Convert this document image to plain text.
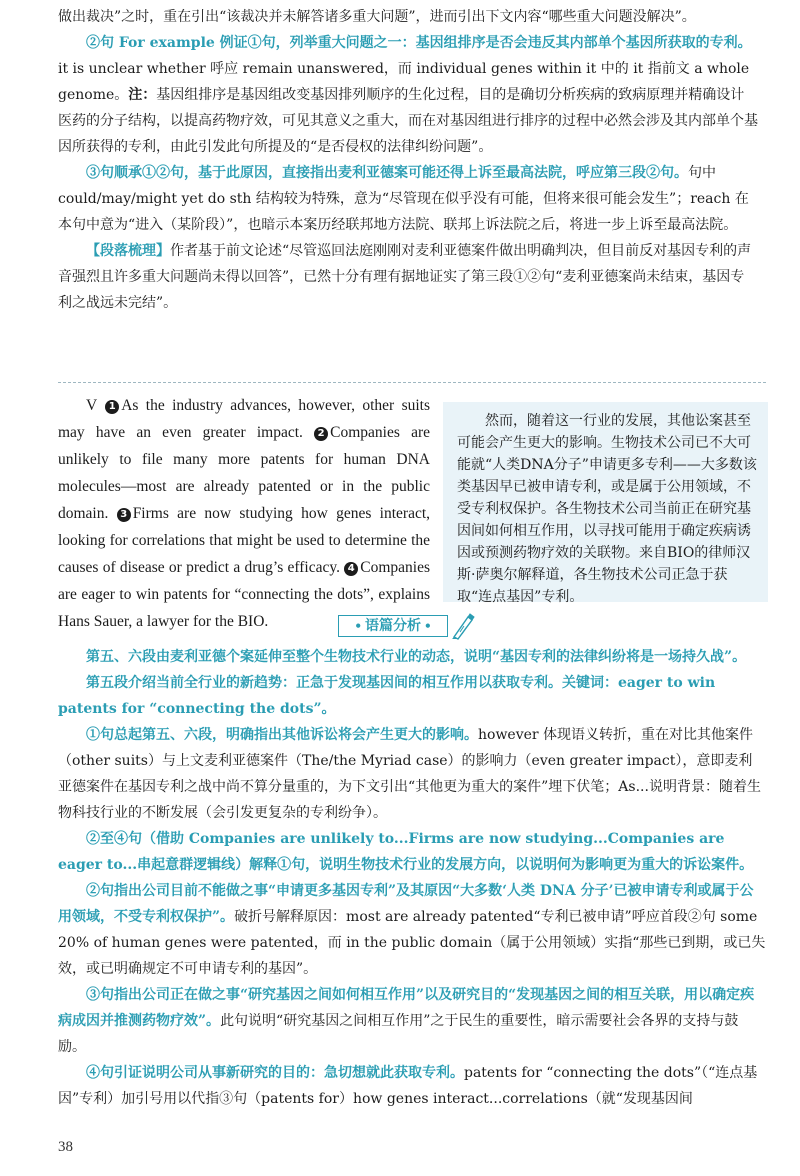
做出裁决”之时，重在引出“该裁决并未解答诸多重大问题”，进而引出下文内容“哪些重大问题没解决”。

②句 For example 例证①句，列举重大问题之一：基因组排序是否会违反其内部单个基因所获取的专利。it is unclear whether 呼应 remain unanswered，而 individual genes within it 中的 it 指前文 a whole genome。注：基因组排序是基因组改变基因排列顺序的生化过程，目的是确切分析疾病的致病原理并精确设计医药的分子结构，以提高药物疗效，可见其意义之重大，而在对基因组进行排序的过程中必然会涉及其内部单个基因所获得的专利，由此引发此句所提及的“是否侵权的法律纠纷问题”。

③句顺承①②句，基于此原因，直接指出麦利亚德案可能还得上诉至最高法院，呼应第三段②句。句中 could/may/might yet do sth 结构较为特殊，意为“尽管现在似乎没有可能，但将来很可能会发生”；reach 在本句中意为“进入（某阶段）”，也暗示本案历经联邦地方法院、联邦上诉法院之后，将进一步上诉至最高法院。

【段落梳理】作者基于前文论述“尽管巡回法庭刚刚对麦利亚德案件做出明确判决，但目前反对基因专利的声音强烈且许多重大问题尚未得以回答”，已然十分有理有据地证实了第三段①②句“麦利亚德案尚未结束，基因专利之战远未完结”。

V 1 As the industry advances, however, other suits may have an even greater impact. 2 Companies are unlikely to file many more patents for human DNA molecules—most are already patented or in the public domain. 3 Firms are now studying how genes interact, looking for correlations that might be used to determine the causes of disease or predict a drug’s efficacy. 4 Companies are eager to win patents for “connecting the dots”, explains Hans Sauer, a lawyer for the BIO.

然而，随着这一行业的发展，其他讼案甚至可能会产生更大的影响。生物技术公司已不大可能就“人类DNA分子”申请更多专利——大多数该类基因早已被申请专利，或是属于公用领域，不受专利权保护。各生物技术公司当前正在研究基因间如何相互作用，以寻找可能用于确定疾病诱因或预测药物疗效的关联物。来自BIO的律师汉斯·萨奥尔解释道，各生物技术公司正急于获取“连点基因”专利。

• 语篇分析 •

第五、六段由麦利亚德个案延伸至整个生物技术行业的动态，说明“基因专利的法律纠纷将是一场持久战”。

第五段介绍当前全行业的新趋势：正急于发现基因间的相互作用以获取专利。关键词：eager to win patents for “connecting the dots”。

①句总起第五、六段，明确指出其他诉讼将会产生更大的影响。however 体现语义转折，重在对比其他案件（other suits）与上文麦利亚德案件（The/the Myriad case）的影响力（even greater impact），意即麦利亚德案件在基因专利之战中尚不算分量重的，为下文引出“其他更为重大的案件”埋下伏笔；As...说明背景：随着生物科技行业的不断发展（会引发更复杂的专利纷争）。

②至④句（借助 Companies are unlikely to...Firms are now studying...Companies are eager to...串起意群逻辑线）解释①句，说明生物技术行业的发展方向，以说明何为影响更为重大的诉讼案件。

②句指出公司目前不能做之事“申请更多基因专利”及其原因“大多数‘人类 DNA 分子’已被申请专利或属于公用领域，不受专利权保护”。破折号解释原因：most are already patented“专利已被申请”呼应首段②句 some 20% of human genes were patented，而 in the public domain（属于公用领域）实指“那些已到期，或已失效，或已明确规定不可申请专利的基因”。

③句指出公司正在做之事“研究基因之间如何相互作用”以及研究目的“发现基因之间的相互关联，用以确定疾病成因并推测药物疗效”。此句说明“研究基因之间相互作用”之于民生的重要性，暗示需要社会各界的支持与鼓励。

④句引证说明公司从事新研究的目的：急切想就此获取专利。patents for “connecting the dots”（“连点基因”专利）加引号用以代指③句（patents for）how genes interact...correlations（就“发现基因间

38
